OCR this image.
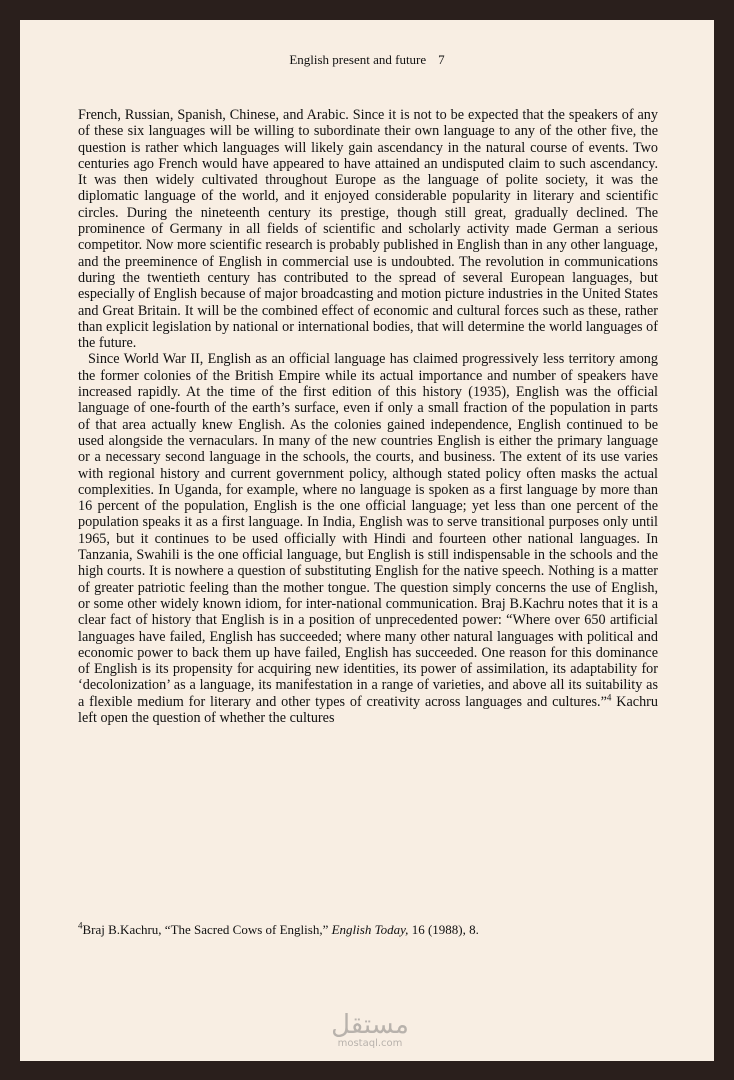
English present and future 7

French, Russian, Spanish, Chinese, and Arabic. Since it is not to be expected that the speakers of any of these six languages will be willing to subordinate their own language to any of the other five, the question is rather which languages will likely gain ascendancy in the natural course of events. Two centuries ago French would have appeared to have attained an undisputed claim to such ascendancy. It was then widely cultivated throughout Europe as the language of polite society, it was the diplomatic language of the world, and it enjoyed considerable popularity in literary and scientific circles. During the nineteenth century its prestige, though still great, gradually declined. The prominence of Germany in all fields of scientific and scholarly activity made German a serious competitor. Now more scientific research is probably published in English than in any other language, and the preeminence of English in commercial use is undoubted. The revolution in communications during the twentieth century has contributed to the spread of several European languages, but especially of English because of major broadcasting and motion picture industries in the United States and Great Britain. It will be the combined effect of economic and cultural forces such as these, rather than explicit legislation by national or international bodies, that will determine the world languages of the future.

Since World War II, English as an official language has claimed progressively less territory among the former colonies of the British Empire while its actual importance and number of speakers have increased rapidly. At the time of the first edition of this history (1935), English was the official language of one-fourth of the earth’s surface, even if only a small fraction of the population in parts of that area actually knew English. As the colonies gained independence, English continued to be used alongside the vernaculars. In many of the new countries English is either the primary language or a necessary second language in the schools, the courts, and business. The extent of its use varies with regional history and current government policy, although stated policy often masks the actual complexities. In Uganda, for example, where no language is spoken as a first language by more than 16 percent of the population, English is the one official language; yet less than one percent of the population speaks it as a first language. In India, English was to serve transitional purposes only until 1965, but it continues to be used officially with Hindi and fourteen other national languages. In Tanzania, Swahili is the one official language, but English is still indispensable in the schools and the high courts. It is nowhere a question of substituting English for the native speech. Nothing is a matter of greater patriotic feeling than the mother tongue. The question simply concerns the use of English, or some other widely known idiom, for inter-national communication. Braj B.Kachru notes that it is a clear fact of history that English is in a position of unprecedented power: “Where over 650 artificial languages have failed, English has succeeded; where many other natural languages with political and economic power to back them up have failed, English has succeeded. One reason for this dominance of English is its propensity for acquiring new identities, its power of assimilation, its adaptability for ‘decolonization’ as a language, its manifestation in a range of varieties, and above all its suitability as a flexible medium for literary and other types of creativity across languages and cultures.”$^4$ Kachru left open the question of whether the cultures

$^4$Braj B.Kachru, “The Sacred Cows of English,” English Today, 16 (1988), 8.
مستقل
mostaql.com
